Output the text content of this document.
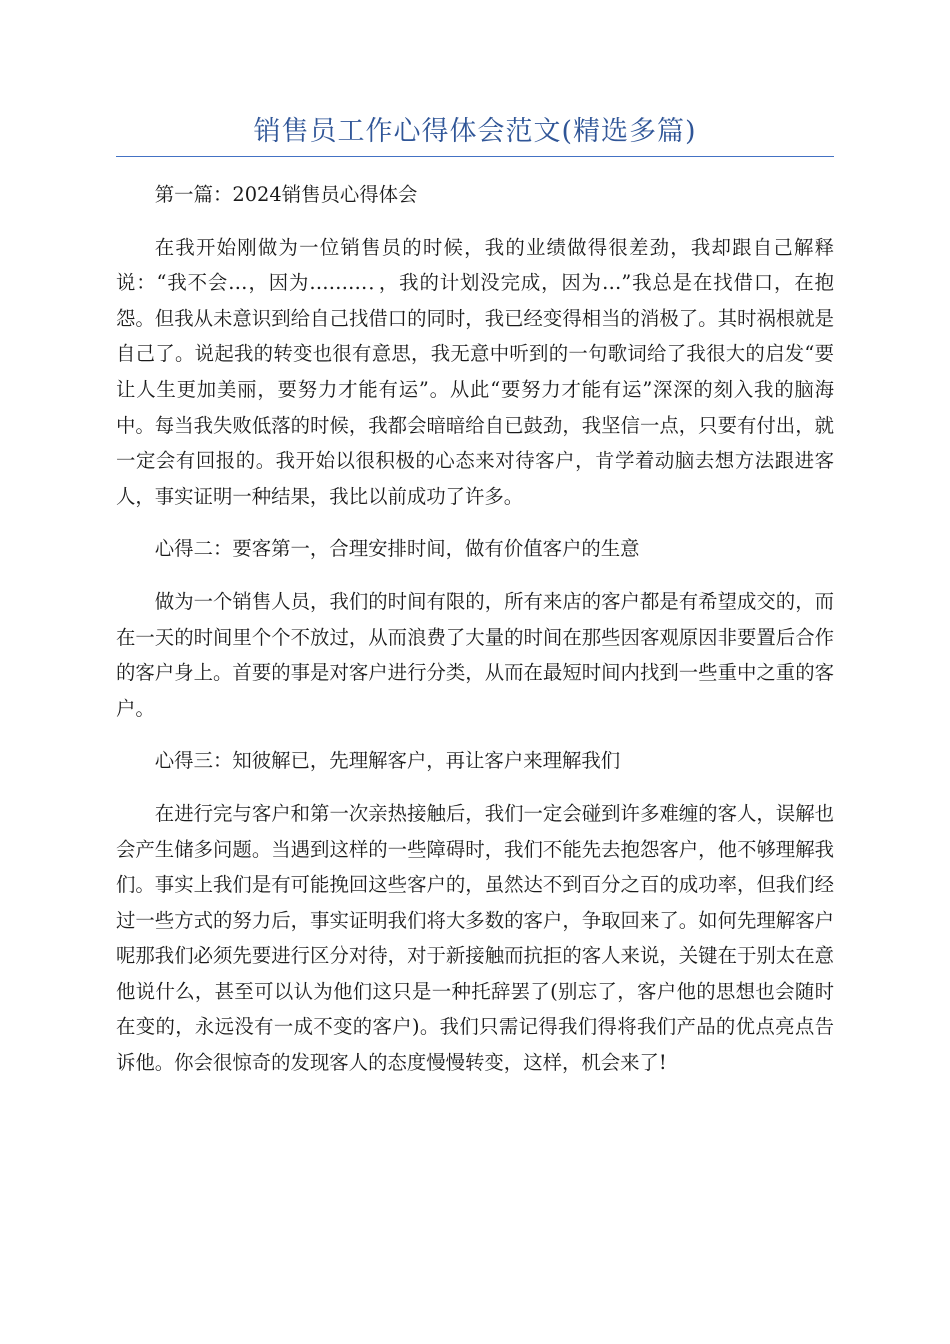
销售员工作心得体会范文(精选多篇)

第一篇：2024销售员心得体会

在我开始刚做为一位销售员的时候，我的业绩做得很差劲，我却跟自己解释说：“我不会…，因为………．，我的计划没完成，因为…”我总是在找借口，在抱怨。但我从未意识到给自己找借口的同时，我已经变得相当的消极了。其时祸根就是自己了。说起我的转变也很有意思，我无意中听到的一句歌词给了我很大的启发“要让人生更加美丽，要努力才能有运”。从此“要努力才能有运”深深的刻入我的脑海中。每当我失败低落的时候，我都会暗暗给自已鼓劲，我坚信一点，只要有付出，就一定会有回报的。我开始以很积极的心态来对待客户，肯学着动脑去想方法跟进客人，事实证明一种结果，我比以前成功了许多。

心得二：要客第一，合理安排时间，做有价值客户的生意

做为一个销售人员，我们的时间有限的，所有来店的客户都是有希望成交的，而在一天的时间里个个不放过，从而浪费了大量的时间在那些因客观原因非要置后合作的客户身上。首要的事是对客户进行分类，从而在最短时间内找到一些重中之重的客户。

心得三：知彼解已，先理解客户，再让客户来理解我们

在进行完与客户和第一次亲热接触后，我们一定会碰到许多难缠的客人，误解也会产生储多问题。当遇到这样的一些障碍时，我们不能先去抱怨客户，他不够理解我们。事实上我们是有可能挽回这些客户的，虽然达不到百分之百的成功率，但我们经过一些方式的努力后，事实证明我们将大多数的客户，争取回来了。如何先理解客户呢那我们必须先要进行区分对待，对于新接触而抗拒的客人来说，关键在于别太在意他说什么，甚至可以认为他们这只是一种托辞罢了(别忘了，客户他的思想也会随时在变的，永远没有一成不变的客户)。我们只需记得我们得将我们产品的优点亮点告诉他。你会很惊奇的发现客人的态度慢慢转变，这样，机会来了!
